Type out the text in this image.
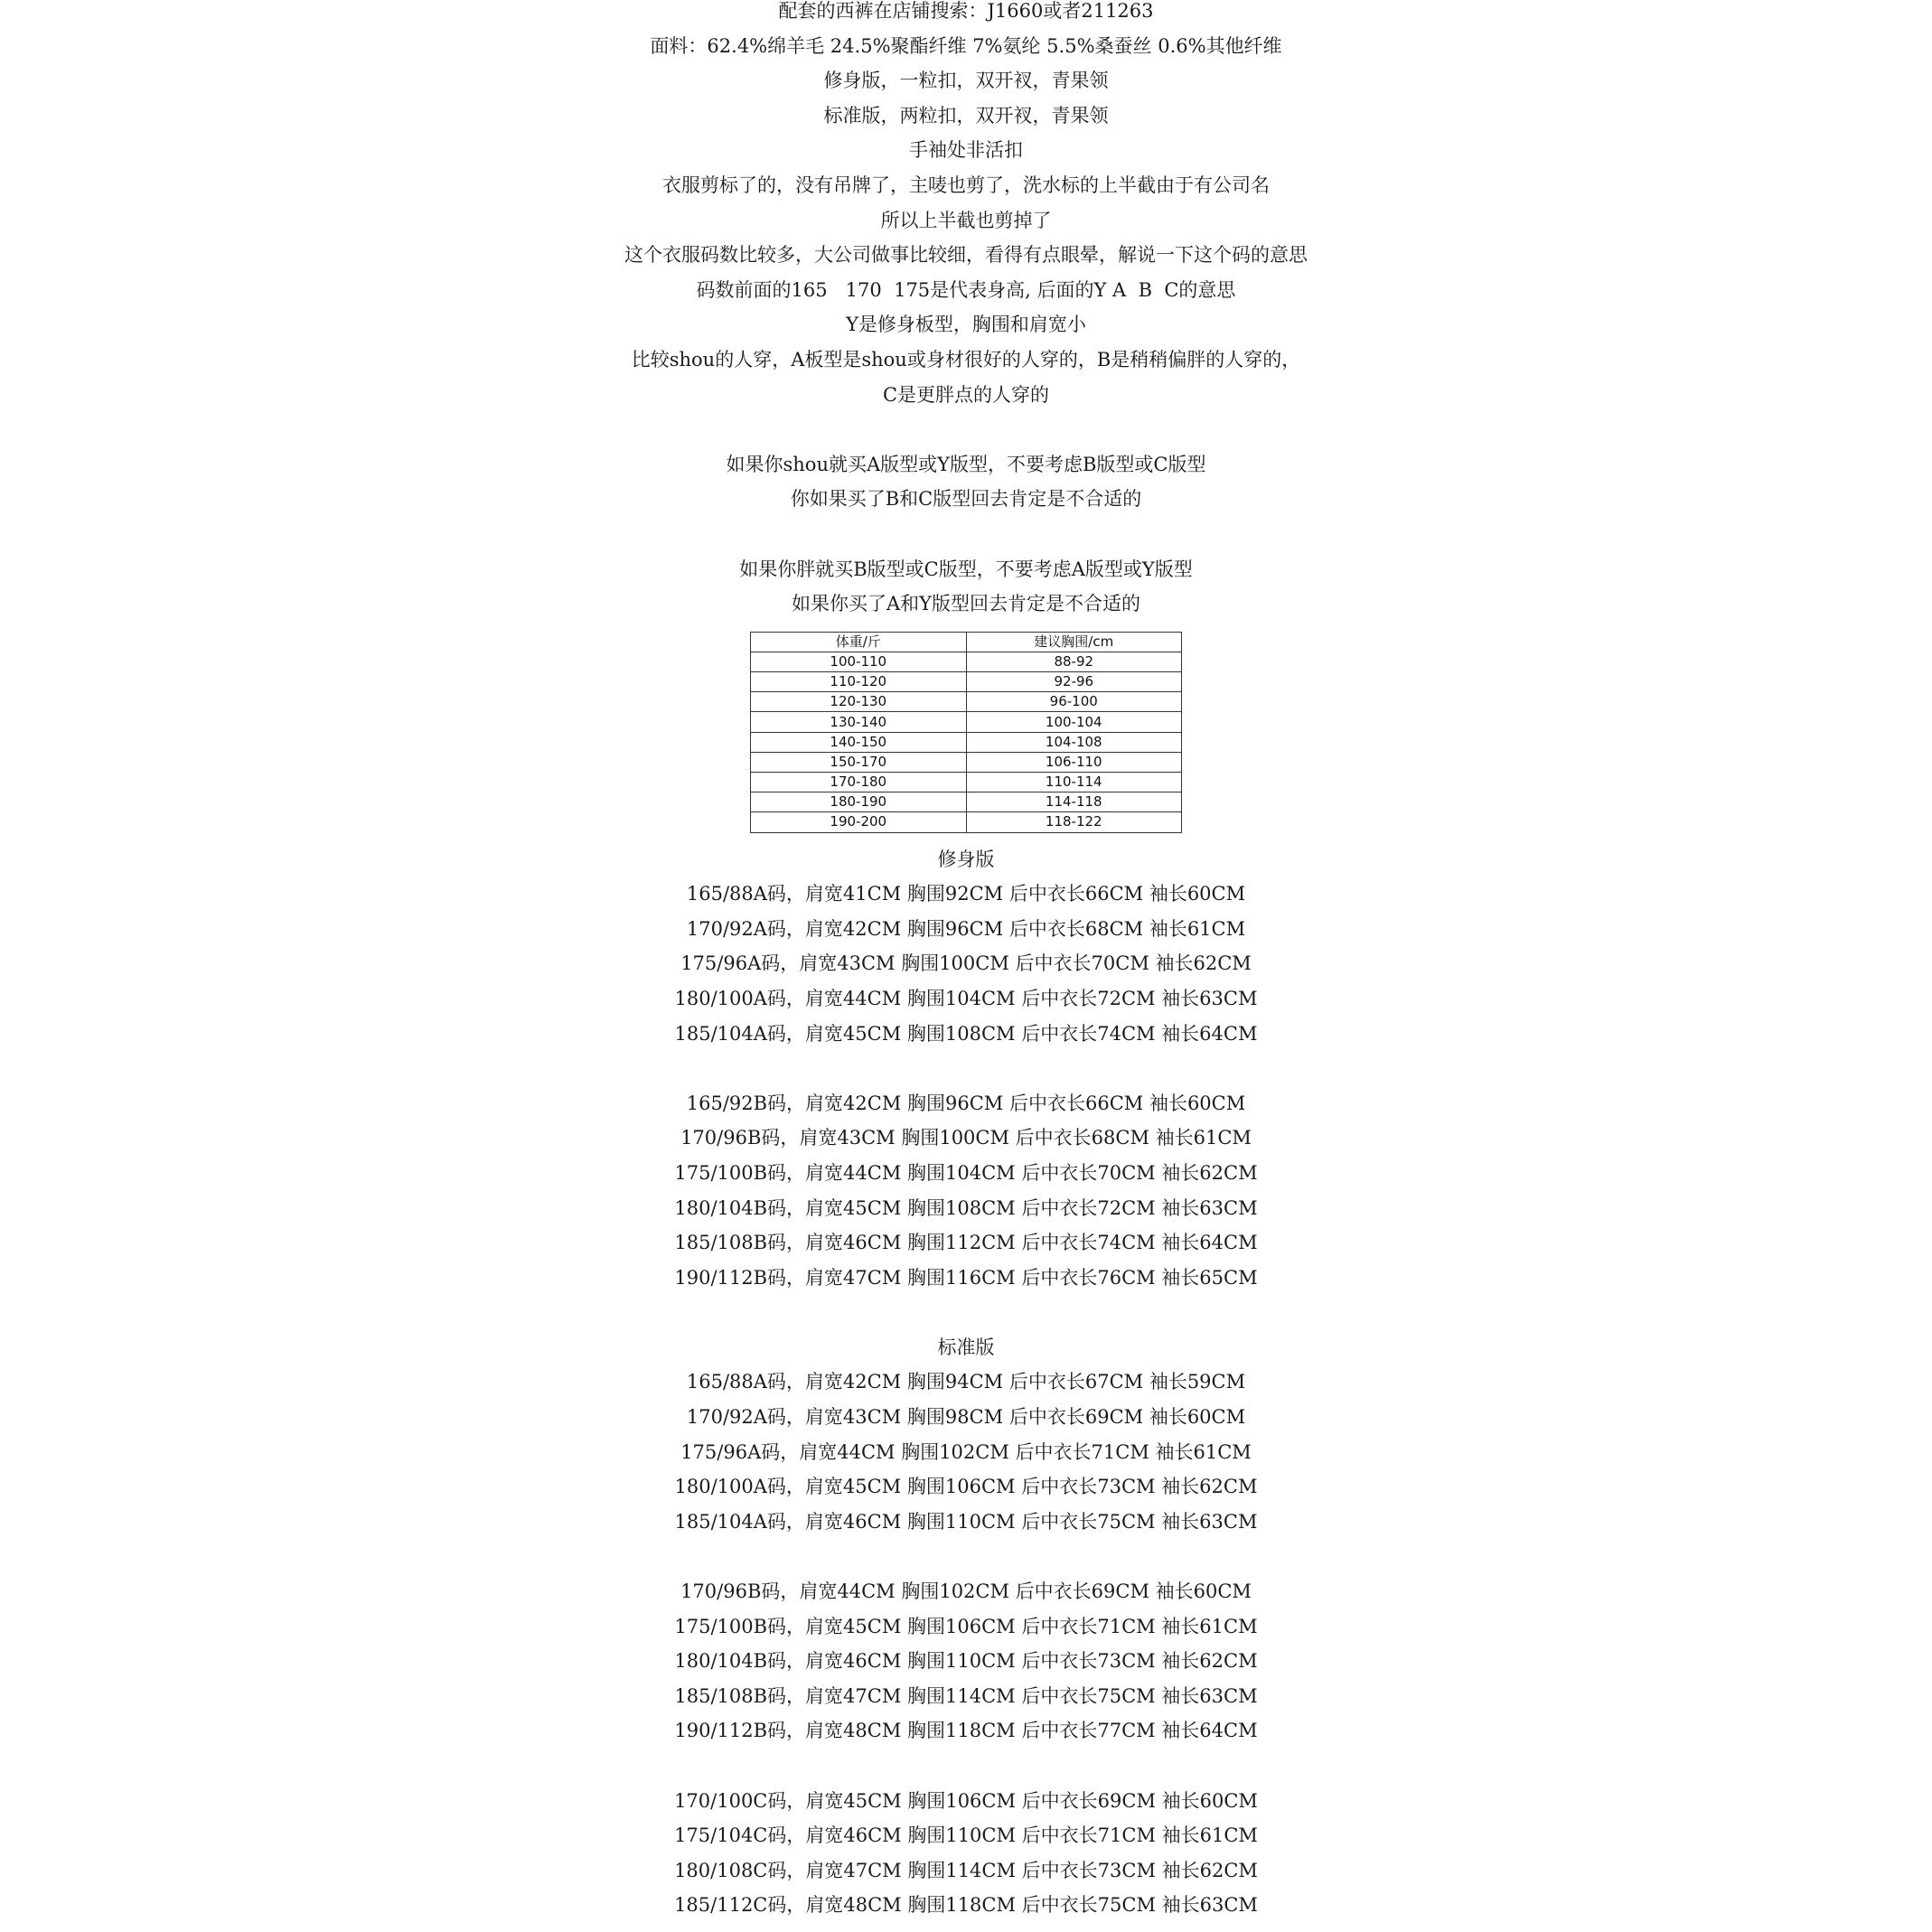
配套的西裤在店铺搜索：J1660或者211263
面料：62.4%绵羊毛 24.5%聚酯纤维 7%氨纶 5.5%桑蚕丝 0.6%其他纤维
修身版，一粒扣，双开衩，青果领
标准版，两粒扣，双开衩，青果领
手袖处非活扣
衣服剪标了的，没有吊牌了，主唛也剪了，洗水标的上半截由于有公司名
所以上半截也剪掉了
这个衣服码数比较多，大公司做事比较细，看得有点眼晕，解说一下这个码的意思
码数前面的165   170  175是代表身高, 后面的Y A  B  C的意思
Y是修身板型，胸围和肩宽小
比较shou的人穿，A板型是shou或身材很好的人穿的，B是稍稍偏胖的人穿的，
C是更胖点的人穿的
如果你shou就买A版型或Y版型，不要考虑B版型或C版型
你如果买了B和C版型回去肯定是不合适的
如果你胖就买B版型或C版型，不要考虑A版型或Y版型
如果你买了A和Y版型回去肯定是不合适的
体重/斤	建议胸围/cm
100-110	88-92
110-120	92-96
120-130	96-100
130-140	100-104
140-150	104-108
150-170	106-110
170-180	110-114
180-190	114-118
190-200	118-122
修身版
165/88A码，肩宽41CM 胸围92CM 后中衣长66CM 袖长60CM
170/92A码，肩宽42CM 胸围96CM 后中衣长68CM 袖长61CM
175/96A码，肩宽43CM 胸围100CM 后中衣长70CM 袖长62CM
180/100A码，肩宽44CM 胸围104CM 后中衣长72CM 袖长63CM
185/104A码，肩宽45CM 胸围108CM 后中衣长74CM 袖长64CM
165/92B码，肩宽42CM 胸围96CM 后中衣长66CM 袖长60CM
170/96B码，肩宽43CM 胸围100CM 后中衣长68CM 袖长61CM
175/100B码，肩宽44CM 胸围104CM 后中衣长70CM 袖长62CM
180/104B码，肩宽45CM 胸围108CM 后中衣长72CM 袖长63CM
185/108B码，肩宽46CM 胸围112CM 后中衣长74CM 袖长64CM
190/112B码，肩宽47CM 胸围116CM 后中衣长76CM 袖长65CM
标准版
165/88A码，肩宽42CM 胸围94CM 后中衣长67CM 袖长59CM
170/92A码，肩宽43CM 胸围98CM 后中衣长69CM 袖长60CM
175/96A码，肩宽44CM 胸围102CM 后中衣长71CM 袖长61CM
180/100A码，肩宽45CM 胸围106CM 后中衣长73CM 袖长62CM
185/104A码，肩宽46CM 胸围110CM 后中衣长75CM 袖长63CM
170/96B码，肩宽44CM 胸围102CM 后中衣长69CM 袖长60CM
175/100B码，肩宽45CM 胸围106CM 后中衣长71CM 袖长61CM
180/104B码，肩宽46CM 胸围110CM 后中衣长73CM 袖长62CM
185/108B码，肩宽47CM 胸围114CM 后中衣长75CM 袖长63CM
190/112B码，肩宽48CM 胸围118CM 后中衣长77CM 袖长64CM
170/100C码，肩宽45CM 胸围106CM 后中衣长69CM 袖长60CM
175/104C码，肩宽46CM 胸围110CM 后中衣长71CM 袖长61CM
180/108C码，肩宽47CM 胸围114CM 后中衣长73CM 袖长62CM
185/112C码，肩宽48CM 胸围118CM 后中衣长75CM 袖长63CM
